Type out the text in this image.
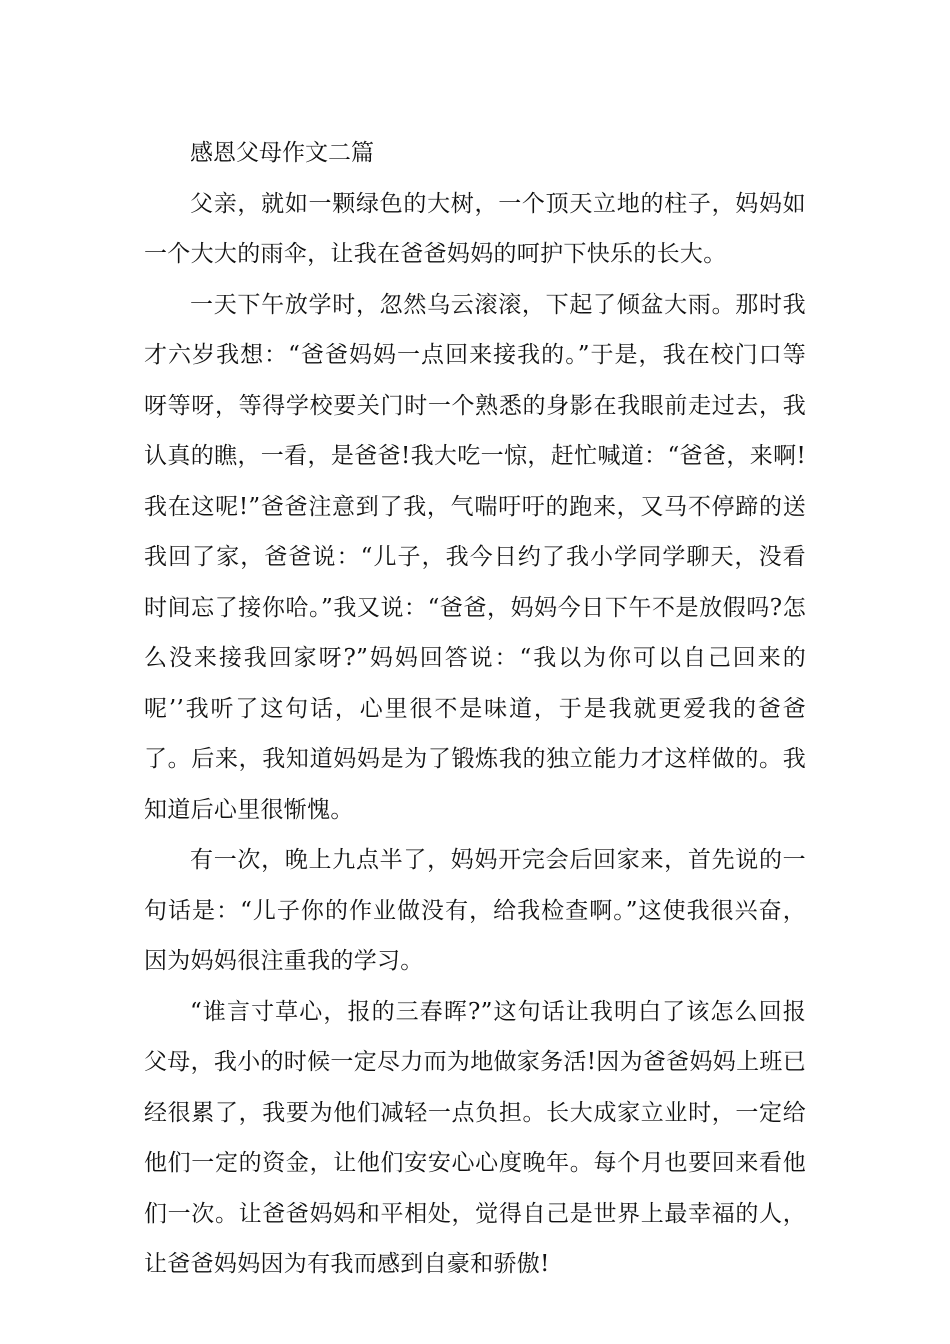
感恩父母作文二篇

父亲，就如一颗绿色的大树，一个顶天立地的柱子，妈妈如一个大大的雨伞，让我在爸爸妈妈的呵护下快乐的长大。

一天下午放学时，忽然乌云滚滚，下起了倾盆大雨。那时我才六岁我想：“爸爸妈妈一点回来接我的。”于是，我在校门口等呀等呀，等得学校要关门时一个熟悉的身影在我眼前走过去，我认真的瞧，一看，是爸爸!我大吃一惊，赶忙喊道：“爸爸，来啊!我在这呢!”爸爸注意到了我，气喘吁吁的跑来，又马不停蹄的送我回了家，爸爸说：“儿子，我今日约了我小学同学聊天，没看时间忘了接你哈。”我又说：“爸爸，妈妈今日下午不是放假吗?怎么没来接我回家呀?”妈妈回答说：“我以为你可以自己回来的呢’’我听了这句话，心里很不是味道，于是我就更爱我的爸爸了。后来，我知道妈妈是为了锻炼我的独立能力才这样做的。我知道后心里很惭愧。

有一次，晚上九点半了，妈妈开完会后回家来，首先说的一句话是：“儿子你的作业做没有，给我检查啊。”这使我很兴奋，因为妈妈很注重我的学习。

“谁言寸草心，报的三春晖?”这句话让我明白了该怎么回报父母，我小的时候一定尽力而为地做家务活!因为爸爸妈妈上班已经很累了，我要为他们减轻一点负担。长大成家立业时，一定给他们一定的资金，让他们安安心心度晚年。每个月也要回来看他们一次。让爸爸妈妈和平相处，觉得自己是世界上最幸福的人，让爸爸妈妈因为有我而感到自豪和骄傲!
